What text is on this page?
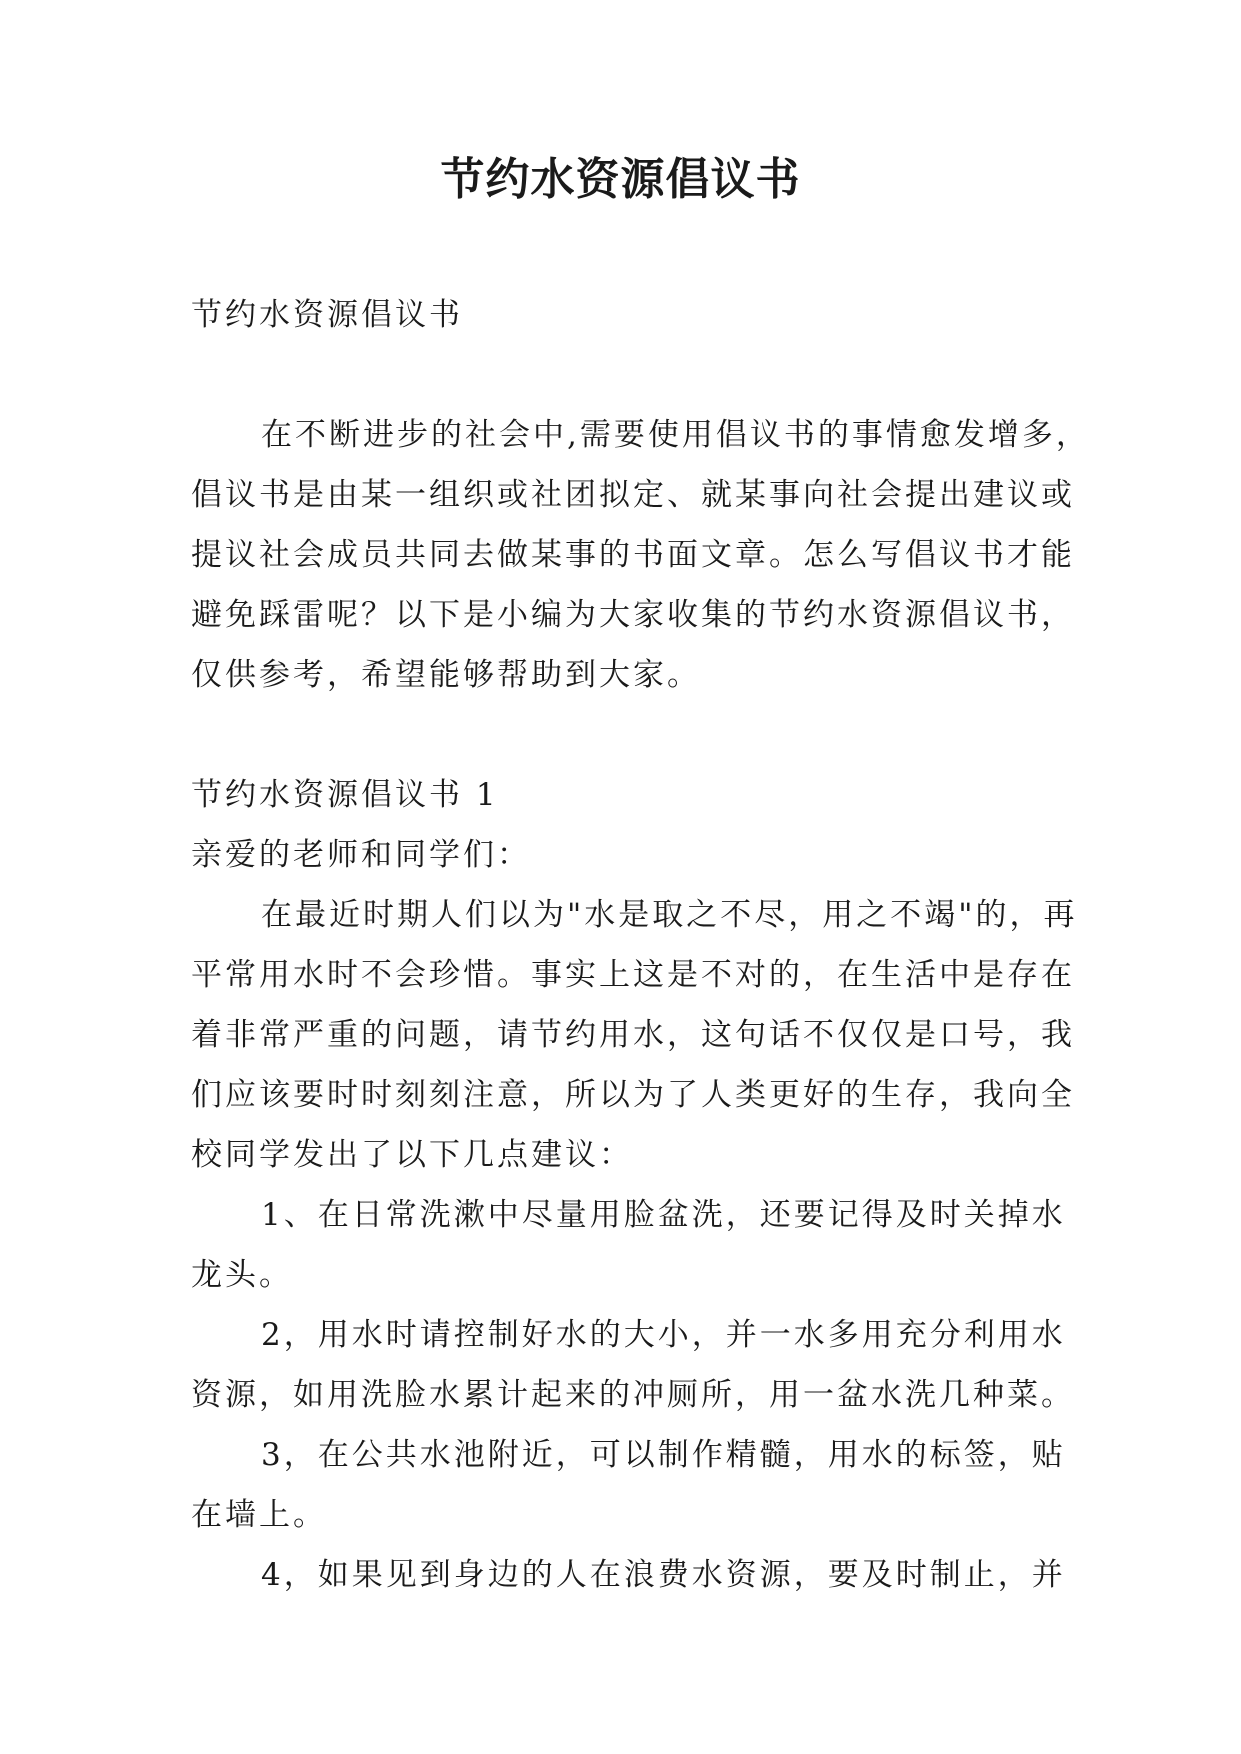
节约水资源倡议书

节约水资源倡议书

在不断进步的社会中,需要使用倡议书的事情愈发增多，

倡议书是由某一组织或社团拟定、就某事向社会提出建议或

提议社会成员共同去做某事的书面文章。怎么写倡议书才能

避免踩雷呢？以下是小编为大家收集的节约水资源倡议书，

仅供参考，希望能够帮助到大家。

节约水资源倡议书 1

亲爱的老师和同学们：

在最近时期人们以为"水是取之不尽，用之不竭"的，再

平常用水时不会珍惜。事实上这是不对的，在生活中是存在

着非常严重的问题，请节约用水，这句话不仅仅是口号，我

们应该要时时刻刻注意，所以为了人类更好的生存，我向全

校同学发出了以下几点建议：

1、在日常洗漱中尽量用脸盆洗，还要记得及时关掉水

龙头。

2，用水时请控制好水的大小，并一水多用充分利用水

资源，如用洗脸水累计起来的冲厕所，用一盆水洗几种菜。

3，在公共水池附近，可以制作精髓，用水的标签，贴

在墙上。

4，如果见到身边的人在浪费水资源，要及时制止，并
